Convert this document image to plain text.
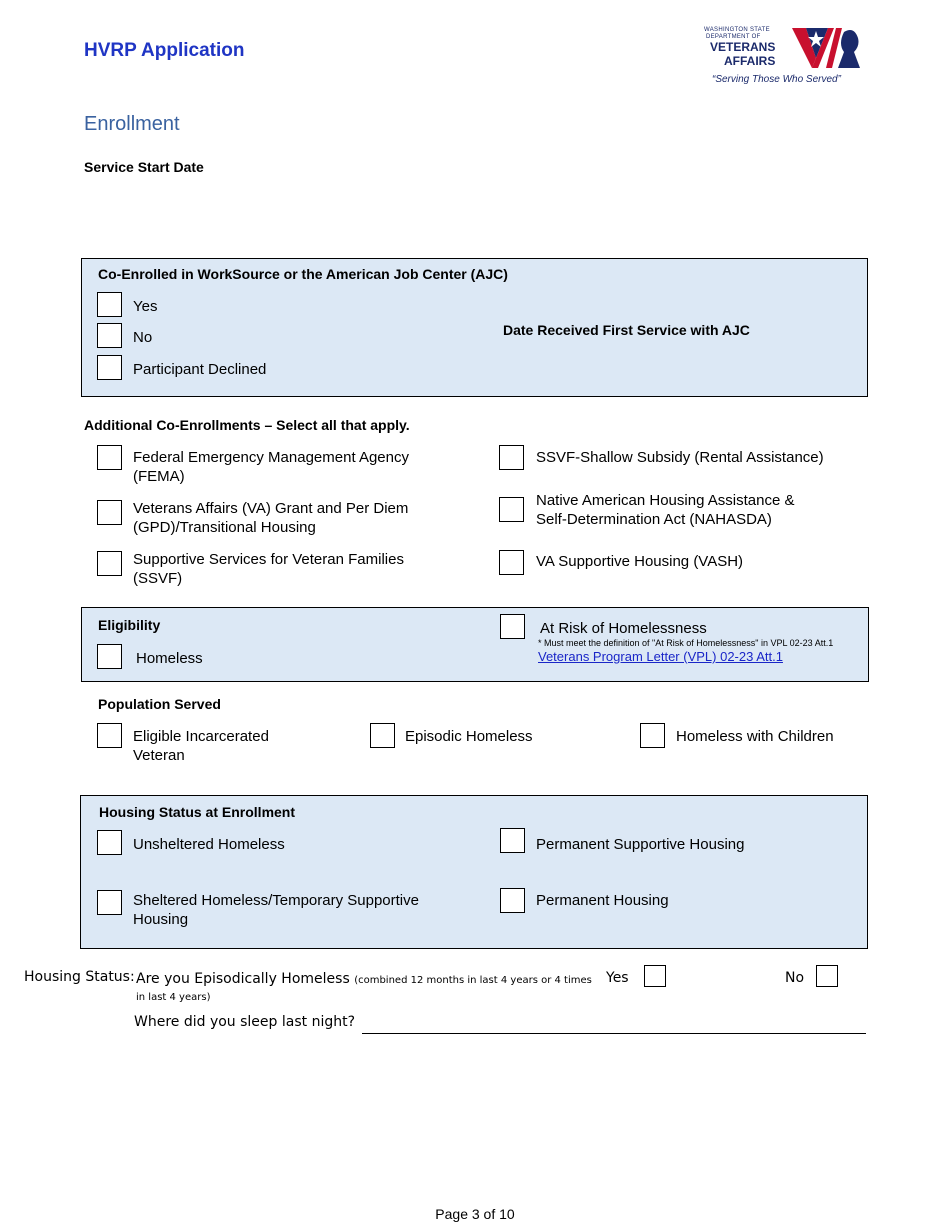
HVRP Application
WASHINGTON STATE
DEPARTMENT OF
VETERANS
AFFAIRS
“Serving Those Who Served”
Enrollment
Service Start Date
Co-Enrolled in WorkSource or the American Job Center (AJC)
Yes
No
Participant Declined
Date Received First Service with AJC
Additional Co-Enrollments – Select all that apply.
Federal Emergency Management Agency
(FEMA)
Veterans Affairs (VA) Grant and Per Diem
(GPD)/Transitional Housing
Supportive Services for Veteran Families
(SSVF)
SSVF-Shallow Subsidy (Rental Assistance)
Native American Housing Assistance &
Self-Determination Act (NAHASDA)
VA Supportive Housing (VASH)
Eligibility
Homeless
At Risk of Homelessness
* Must meet the definition of "At Risk of Homelessness" in VPL 02-23 Att.1
Veterans Program Letter (VPL) 02-23 Att.1
Population Served
Eligible Incarcerated
Veteran
Episodic Homeless	Homeless with Children
Housing Status at Enrollment
Unsheltered Homeless
Sheltered Homeless/Temporary Supportive
Housing
Permanent Supportive Housing
Permanent Housing
Housing Status: Are you Episodically Homeless (combined 12 months in last 4 years or 4 times
in last 4 years)
Yes	No
Where did you sleep last night?
Page 3 of 10
